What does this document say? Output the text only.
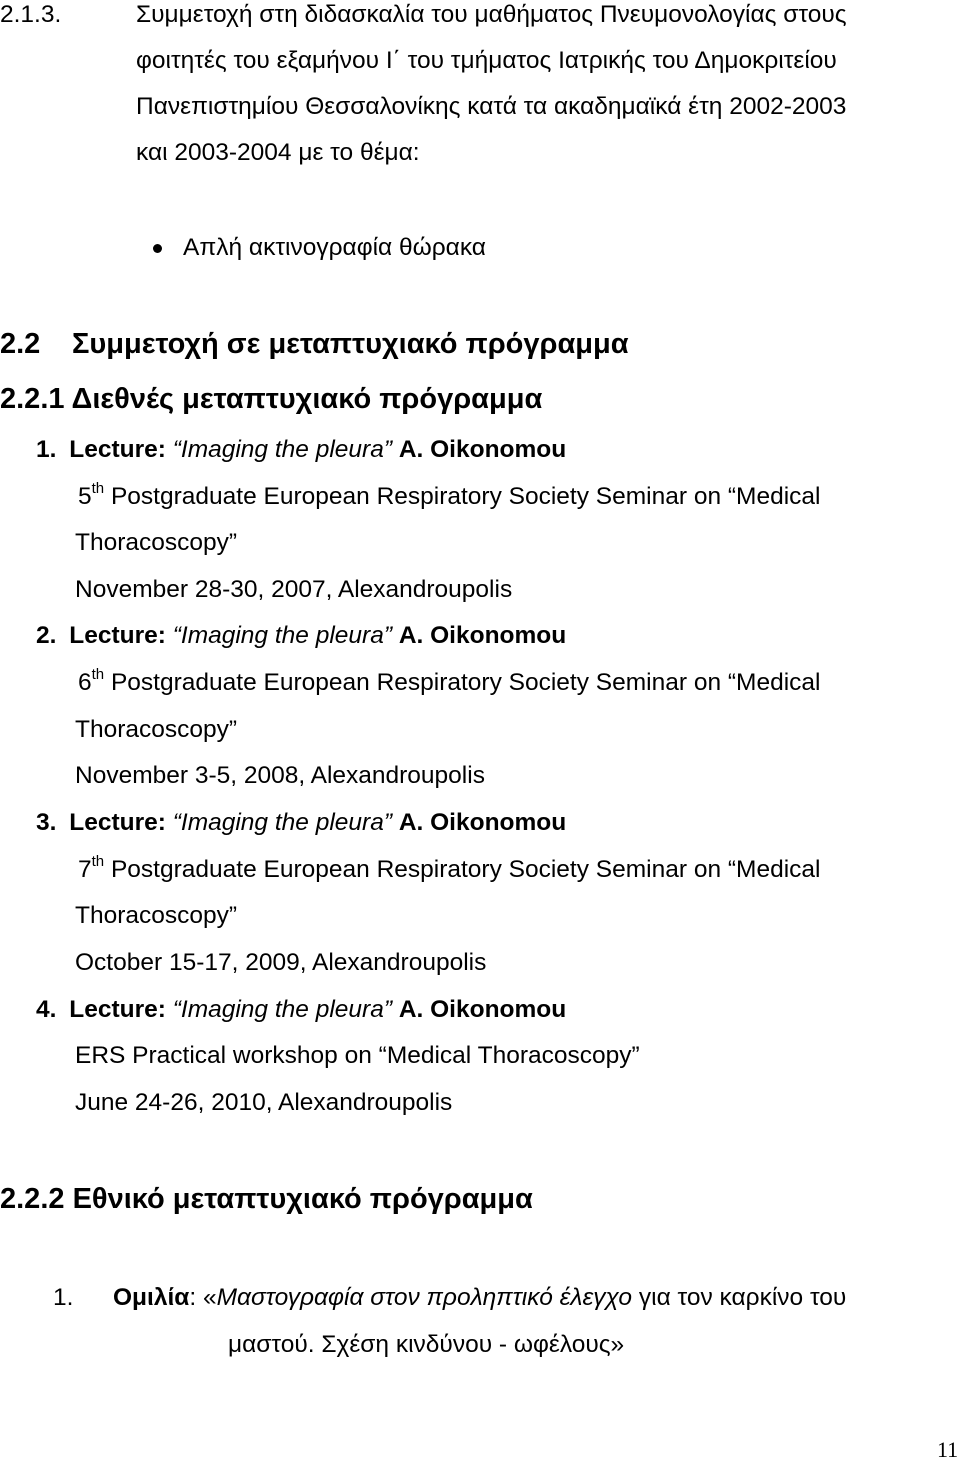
2.1.3.	Συμμετοχή στη διδασκαλία του μαθήματος Πνευμονολογίας στους
φοιτητές του εξαμήνου Ι΄ του τμήματος Ιατρικής του Δημοκριτείου
Πανεπιστημίου Θεσσαλονίκης κατά τα ακαδημαϊκά έτη 2002-2003
και 2003-2004 με το θέμα:
Απλή ακτινογραφία θώρακα
2.2 Συμμετοχή σε μεταπτυχιακό πρόγραμμα
2.2.1 Διεθνές μεταπτυχιακό πρόγραμμα
1. Lecture: “Imaging the pleura” A. Oikonomou
5th Postgraduate European Respiratory Society Seminar on “Medical
Thoracoscopy”
November 28-30, 2007, Alexandroupolis
2. Lecture: “Imaging the pleura” A. Oikonomou
6th Postgraduate European Respiratory Society Seminar on “Medical
Thoracoscopy”
November 3-5, 2008, Alexandroupolis
3. Lecture: “Imaging the pleura” A. Oikonomou
7th Postgraduate European Respiratory Society Seminar on “Medical
Thoracoscopy”
October 15-17, 2009, Alexandroupolis
4. Lecture: “Imaging the pleura” A. Oikonomou
ERS Practical workshop on “Medical Thoracoscopy”
June 24-26, 2010, Alexandroupolis
2.2.2 Εθνικό μεταπτυχιακό πρόγραμμα
1. Ομιλία: «Μαστογραφία στον προληπτικό έλεγχο για τον καρκίνο του
μαστού. Σχέση κινδύνου - ωφέλους»
11
